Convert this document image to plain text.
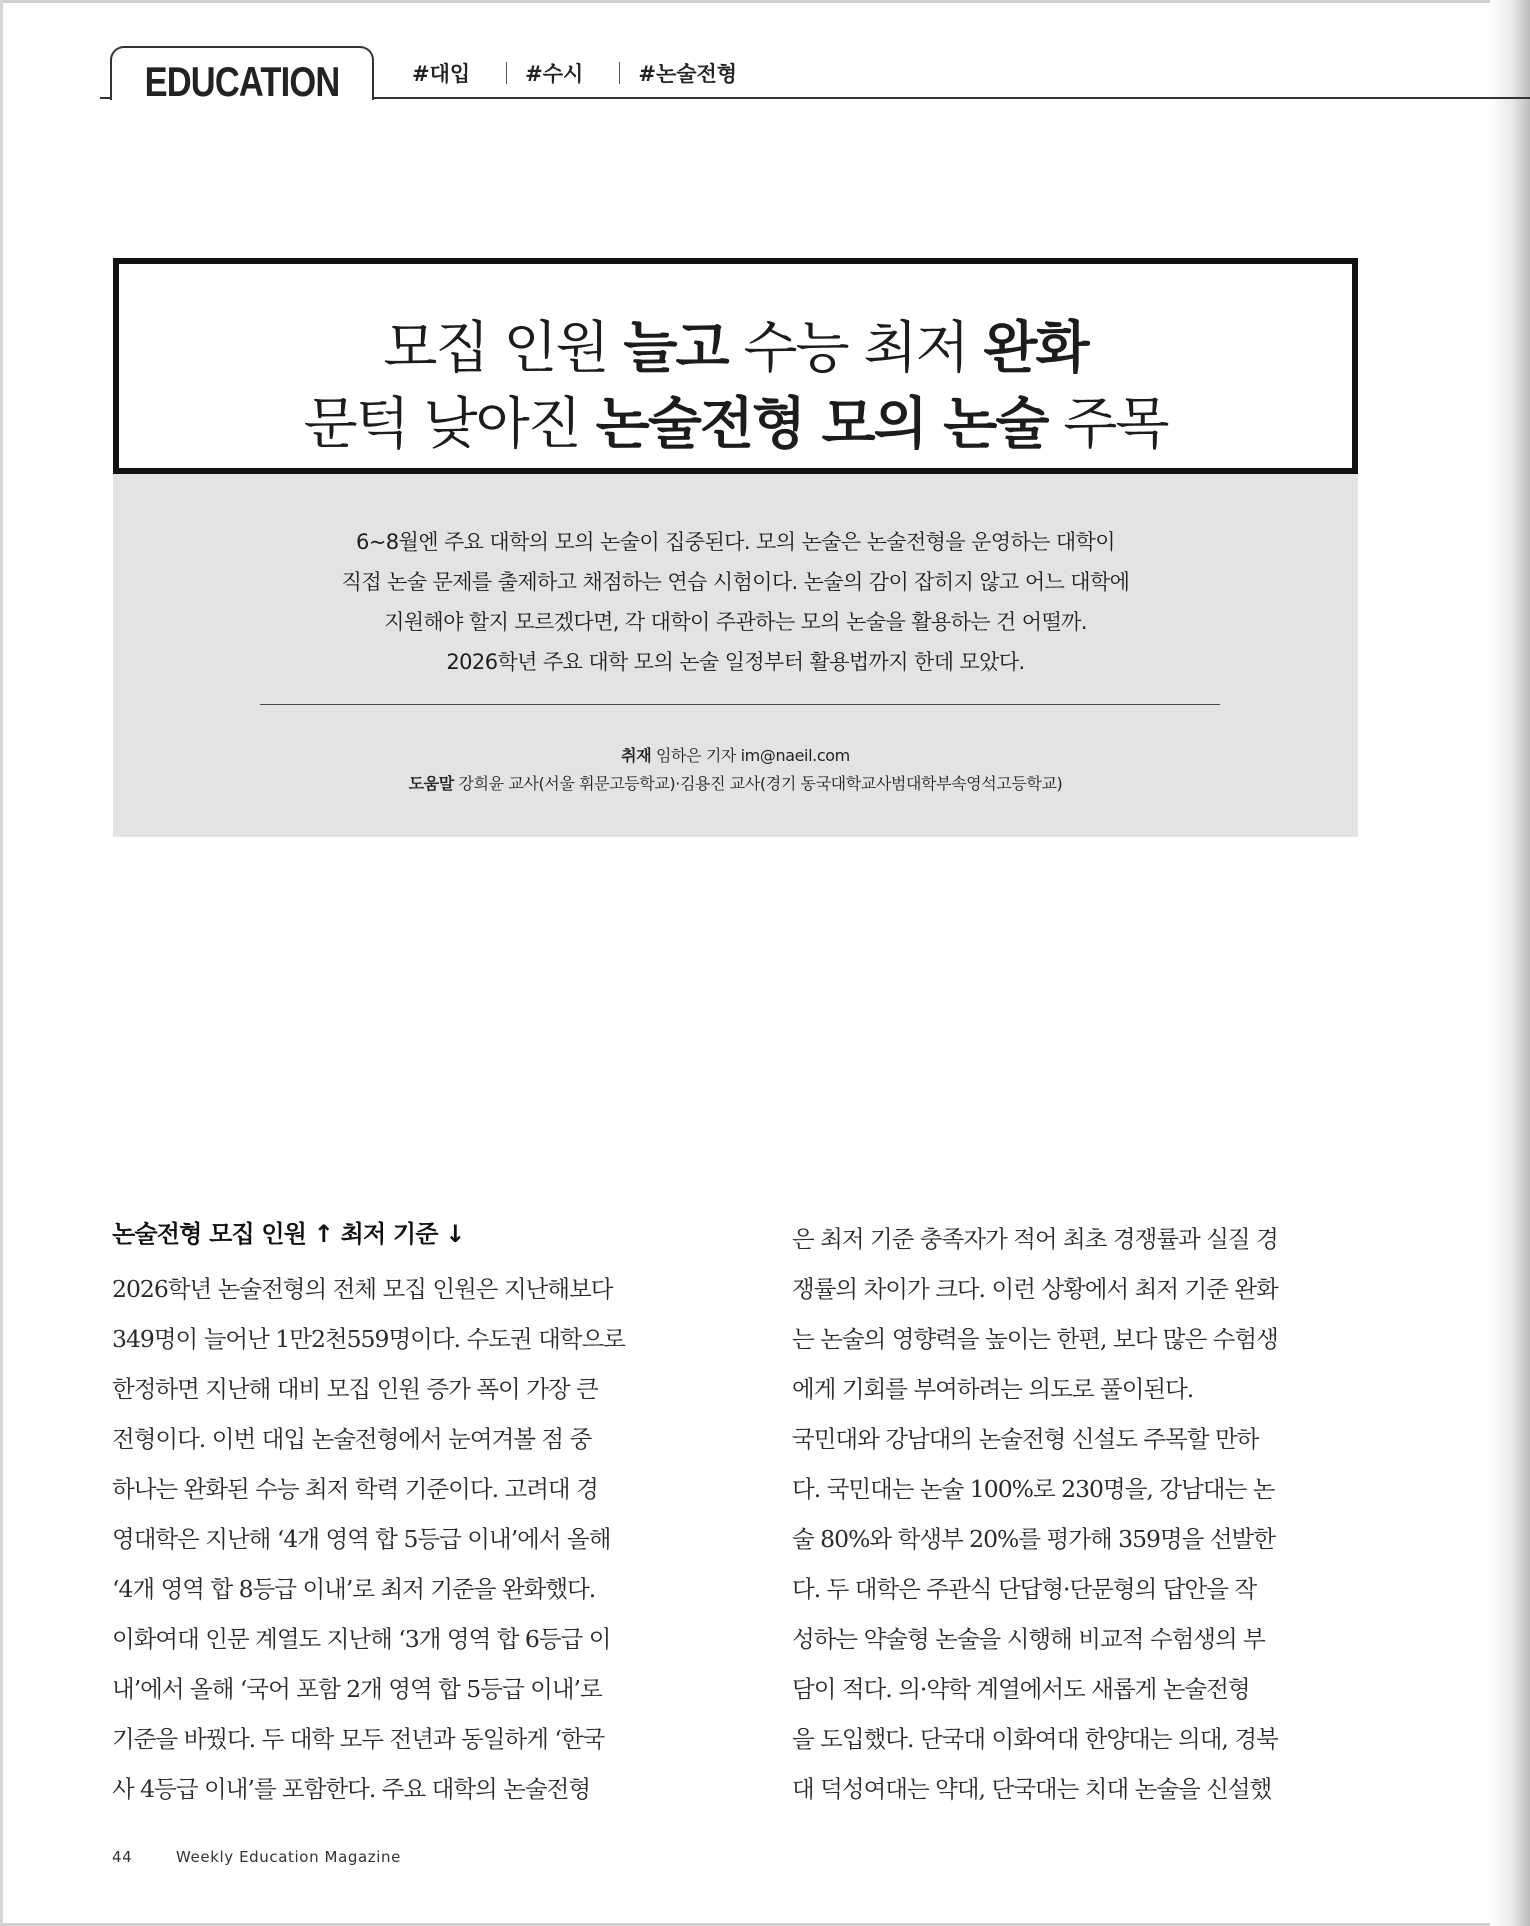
EDUCATION	#대입	#수시	#논술전형
모집 인원 늘고 수능 최저 완화
문턱 낮아진 논술전형 모의 논술 주목
6~8월엔 주요 대학의 모의 논술이 집중된다. 모의 논술은 논술전형을 운영하는 대학이
직접 논술 문제를 출제하고 채점하는 연습 시험이다. 논술의 감이 잡히지 않고 어느 대학에
지원해야 할지 모르겠다면, 각 대학이 주관하는 모의 논술을 활용하는 건 어떨까.
2026학년 주요 대학 모의 논술 일정부터 활용법까지 한데 모았다.
취재 임하은 기자 im@naeil.com
도움말 강희윤 교사(서울 휘문고등학교)·김용진 교사(경기 동국대학교사범대학부속영석고등학교)
논술전형 모집 인원 ↑ 최저 기준 ↓
2026학년 논술전형의 전체 모집 인원은 지난해보다
349명이 늘어난 1만2천559명이다. 수도권 대학으로
한정하면 지난해 대비 모집 인원 증가 폭이 가장 큰
전형이다. 이번 대입 논술전형에서 눈여겨볼 점 중
하나는 완화된 수능 최저 학력 기준이다. 고려대 경
영대학은 지난해 ‘4개 영역 합 5등급 이내’에서 올해
‘4개 영역 합 8등급 이내’로 최저 기준을 완화했다.
이화여대 인문 계열도 지난해 ‘3개 영역 합 6등급 이
내’에서 올해 ‘국어 포함 2개 영역 합 5등급 이내’로
기준을 바꿨다. 두 대학 모두 전년과 동일하게 ‘한국
사 4등급 이내’를 포함한다. 주요 대학의 논술전형
은 최저 기준 충족자가 적어 최초 경쟁률과 실질 경
쟁률의 차이가 크다. 이런 상황에서 최저 기준 완화
는 논술의 영향력을 높이는 한편, 보다 많은 수험생
에게 기회를 부여하려는 의도로 풀이된다.
국민대와 강남대의 논술전형 신설도 주목할 만하
다. 국민대는 논술 100%로 230명을, 강남대는 논
술 80%와 학생부 20%를 평가해 359명을 선발한
다. 두 대학은 주관식 단답형·단문형의 답안을 작
성하는 약술형 논술을 시행해 비교적 수험생의 부
담이 적다. 의·약학 계열에서도 새롭게 논술전형
을 도입했다. 단국대 이화여대 한양대는 의대, 경북
대 덕성여대는 약대, 단국대는 치대 논술을 신설했
44	Weekly Education Magazine
